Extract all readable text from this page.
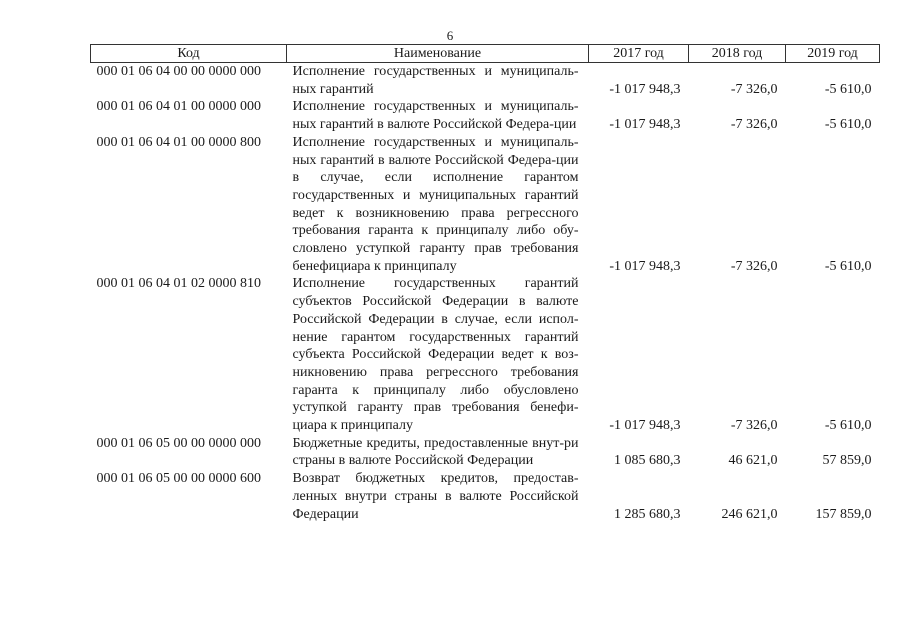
6
Код	Наименование	2017 год	2018 год	2019 год
000 01 06 04 00 00 0000 000	Исполнение государственных и муниципаль-ных гарантий	-1 017 948,3	-7 326,0	-5 610,0
000 01 06 04 01 00 0000 000	Исполнение государственных и муниципаль-ных гарантий в валюте Российской Федера-ции	-1 017 948,3	-7 326,0	-5 610,0
000 01 06 04 01 00 0000 800	Исполнение государственных и муниципаль-ных гарантий в валюте Российской Федера-ции в случае, если исполнение гарантом государственных и муниципальных гарантий ведет к возникновению права регрессного требования гаранта к принципалу либо обу-словлено уступкой гаранту прав требования бенефициара к принципалу	-1 017 948,3	-7 326,0	-5 610,0
000 01 06 04 01 02 0000 810	Исполнение государственных гарантий субъектов Российской Федерации в валюте Российской Федерации в случае, если испол-нение гарантом государственных гарантий субъекта Российской Федерации ведет к воз-никновению права регрессного требования гаранта к принципалу либо обусловлено уступкой гаранту прав требования бенефи-циара к принципалу	-1 017 948,3	-7 326,0	-5 610,0
000 01 06 05 00 00 0000 000	Бюджетные кредиты, предоставленные внут-ри страны в валюте Российской Федерации	1 085 680,3	46 621,0	57 859,0
000 01 06 05 00 00 0000 600	Возврат бюджетных кредитов, предостав-ленных внутри страны в валюте Российской Федерации	1 285 680,3	246 621,0	157 859,0
